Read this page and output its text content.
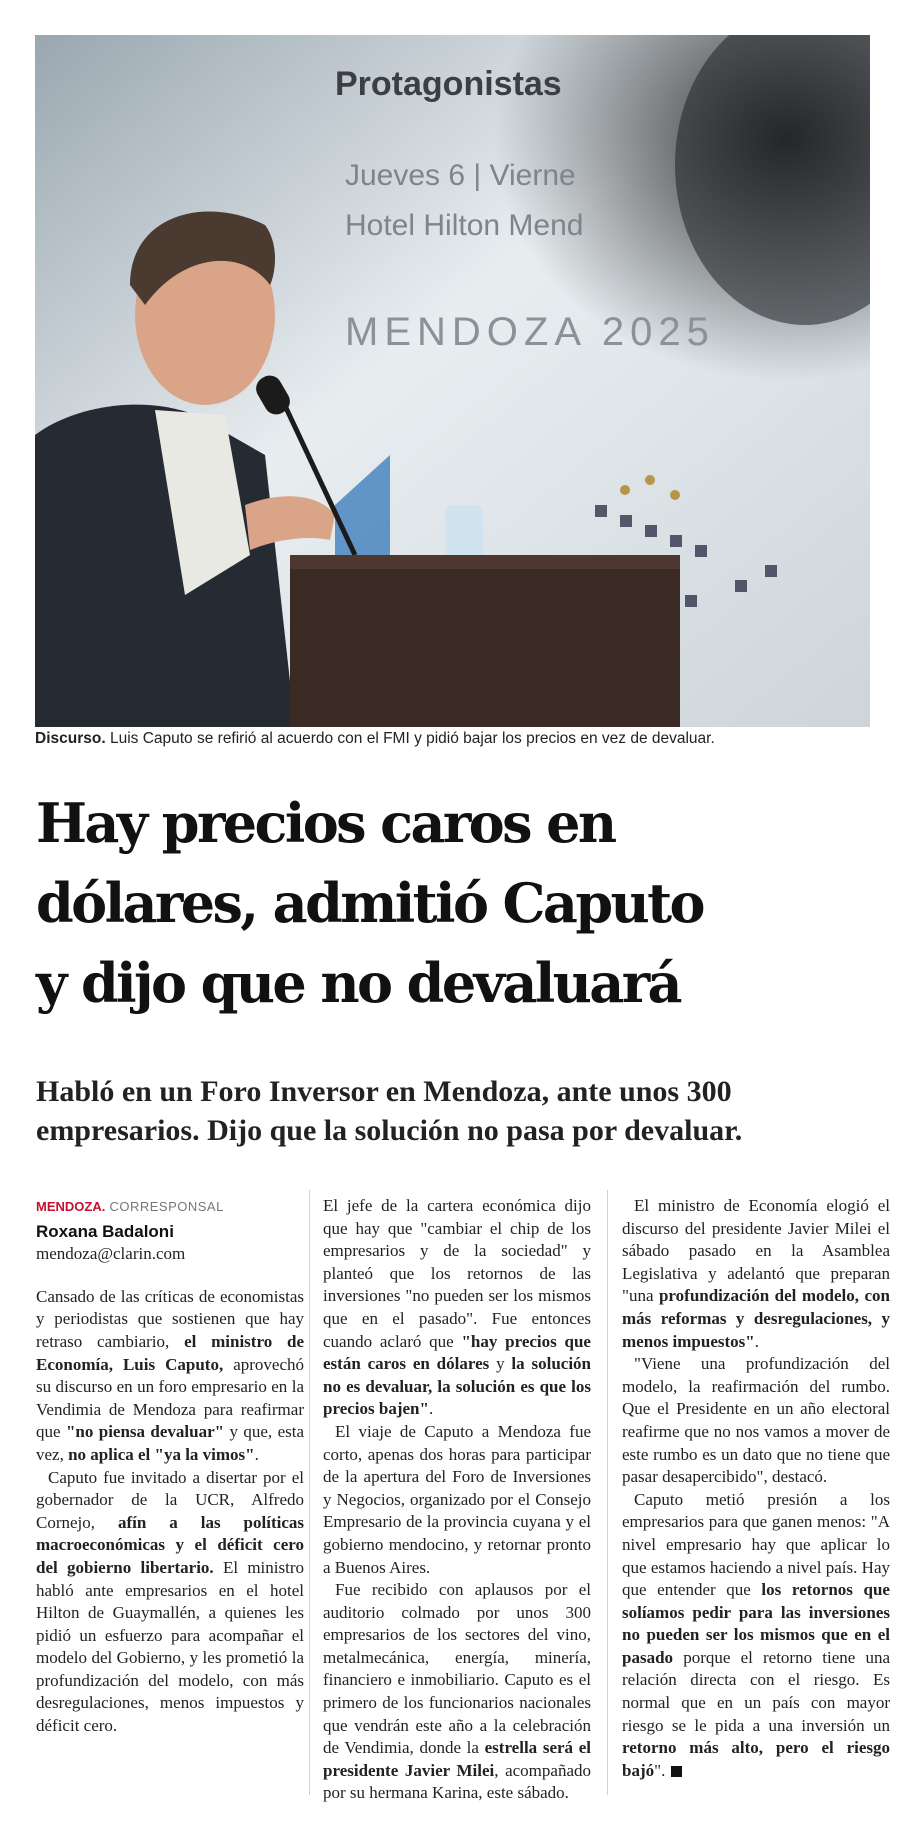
Protagonistas
Jueves 6 | Vierne
Hotel Hilton Mend
MENDOZA 2025
Discurso. Luis Caputo se refirió al acuerdo con el FMI y pidió bajar los precios en vez de devaluar.
Hay precios caros en
dólares, admitió Caputo
y dijo que no devaluará
Habló en un Foro Inversor en Mendoza, ante unos 300
empresarios. Dijo que la solución no pasa por devaluar.
MENDOZA. CORRESPONSAL
Roxana Badaloni
mendoza@clarin.com

Cansado de las críticas de economistas y periodistas que sostienen que hay retraso cambiario, el ministro de Economía, Luis Caputo, aprovechó su discurso en un foro empresario en la Vendimia de Mendoza para reafirmar que "no piensa devaluar" y que, esta vez, no aplica el "ya la vimos".

Caputo fue invitado a disertar por el gobernador de la UCR, Alfredo Cornejo, afín a las políticas macroeconómicas y el déficit cero del gobierno libertario. El ministro habló ante empresarios en el hotel Hilton de Guaymallén, a quienes les pidió un esfuerzo para acompañar el modelo del Gobierno, y les prometió la profundización del modelo, con más desregulaciones, menos impuestos y déficit cero.

El jefe de la cartera económica dijo que hay que "cambiar el chip de los empresarios y de la sociedad" y planteó que los retornos de las inversiones "no pueden ser los mismos que en el pasado". Fue entonces cuando aclaró que "hay precios que están caros en dólares y la solución no es devaluar, la solución es que los precios bajen".

El viaje de Caputo a Mendoza fue corto, apenas dos horas para participar de la apertura del Foro de Inversiones y Negocios, organizado por el Consejo Empresario de la provincia cuyana y el gobierno mendocino, y retornar pronto a Buenos Aires.

Fue recibido con aplausos por el auditorio colmado por unos 300 empresarios de los sectores del vino, metalmecánica, energía, minería, financiero e inmobiliario. Caputo es el primero de los funcionarios nacionales que vendrán este año a la celebración de Vendimia, donde la estrella será el presidente Javier Milei, acompañado por su hermana Karina, este sábado.

El ministro de Economía elogió el discurso del presidente Javier Milei el sábado pasado en la Asamblea Legislativa y adelantó que preparan "una profundización del modelo, con más reformas y desregulaciones, y menos impuestos".

"Viene una profundización del modelo, la reafirmación del rumbo. Que el Presidente en un año electoral reafirme que no nos vamos a mover de este rumbo es un dato que no tiene que pasar desapercibido", destacó.

Caputo metió presión a los empresarios para que ganen menos: "A nivel empresario hay que aplicar lo que estamos haciendo a nivel país. Hay que entender que los retornos que solíamos pedir para las inversiones no pueden ser los mismos que en el pasado porque el retorno tiene una relación directa con el riesgo. Es normal que en un país con mayor riesgo se le pida a una inversión un retorno más alto, pero el riesgo bajó".
